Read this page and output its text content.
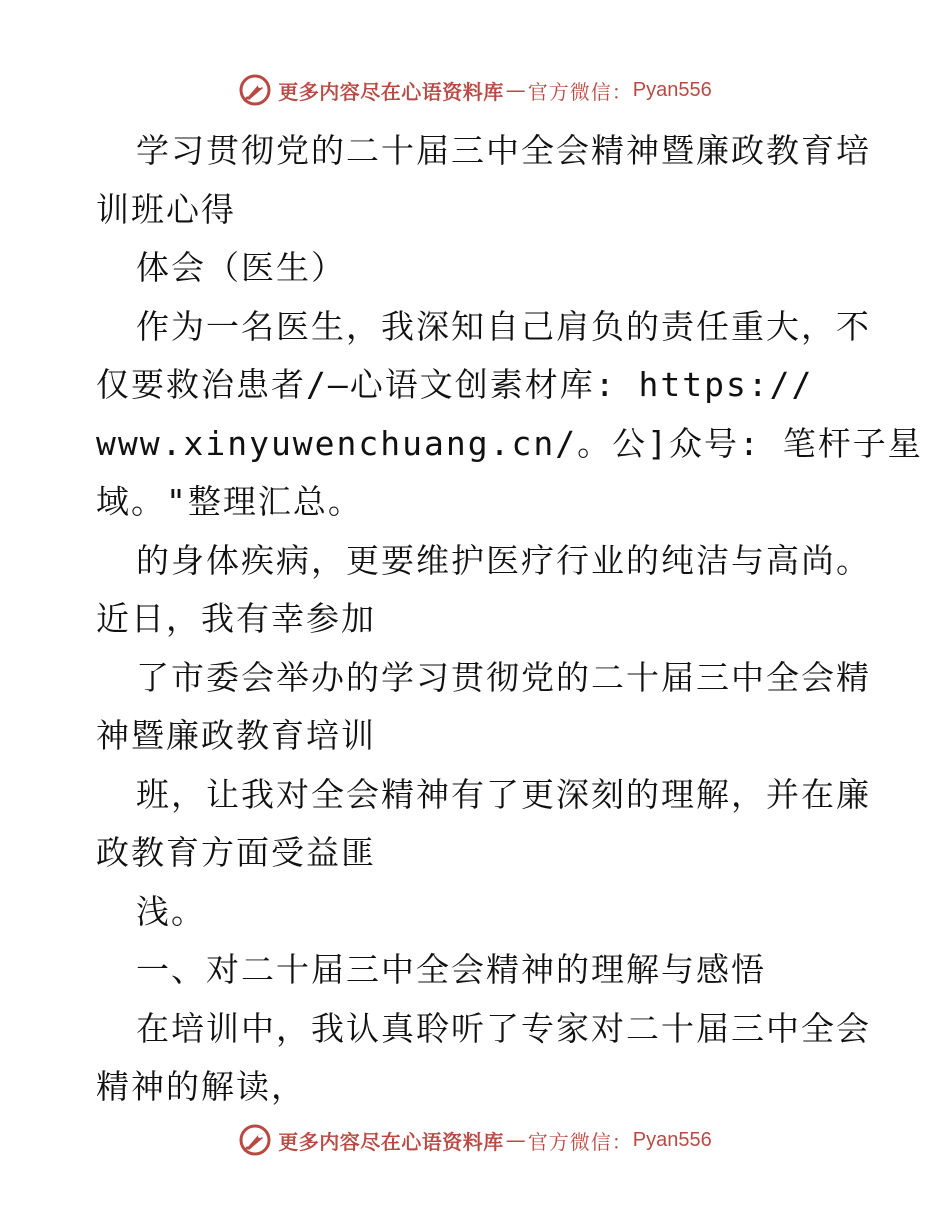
更多内容尽在心语资料库 — 官方微信： Pyan556
学习贯彻党的二十届三中全会精神暨廉政教育培
训班心得
体会（医生）
作为一名医生，我深知自己肩负的责任重大，不
仅要救治患者/—心语文创素材库: https://
www.xinyuwenchuang.cn/。公]众号: 笔杆子星
域。"整理汇总。
的身体疾病，更要维护医疗行业的纯洁与高尚。
近日，我有幸参加
了市委会举办的学习贯彻党的二十届三中全会精
神暨廉政教育培训
班，让我对全会精神有了更深刻的理解，并在廉
政教育方面受益匪
浅。
一、对二十届三中全会精神的理解与感悟
在培训中，我认真聆听了专家对二十届三中全会
精神的解读，
更多内容尽在心语资料库 — 官方微信： Pyan556
